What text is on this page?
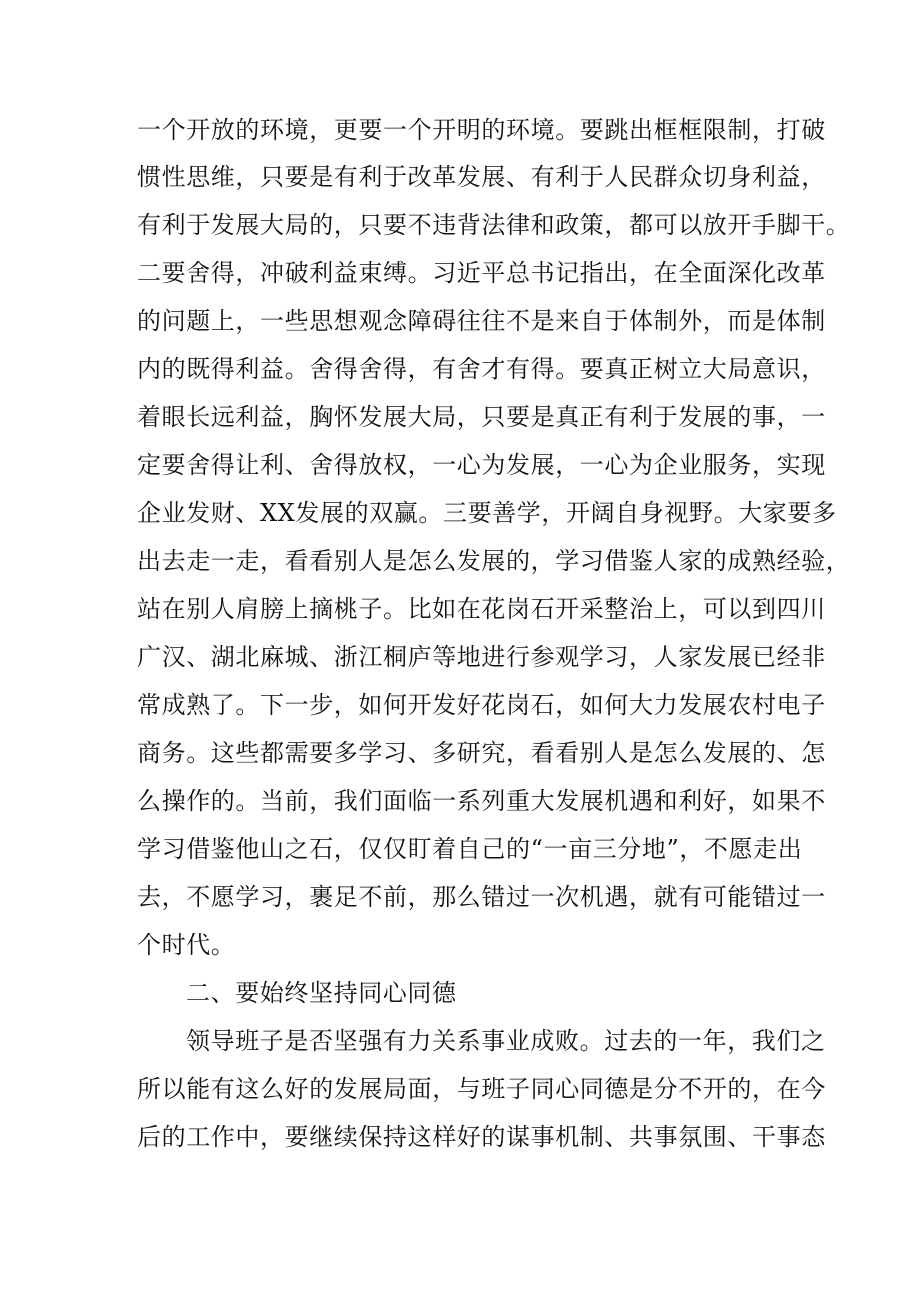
一个开放的环境，更要一个开明的环境。要跳出框框限制，打破
惯性思维，只要是有利于改革发展、有利于人民群众切身利益，
有利于发展大局的，只要不违背法律和政策，都可以放开手脚干。
二要舍得，冲破利益束缚。习近平总书记指出，在全面深化改革
的问题上，一些思想观念障碍往往不是来自于体制外，而是体制
内的既得利益。舍得舍得，有舍才有得。要真正树立大局意识，
着眼长远利益，胸怀发展大局，只要是真正有利于发展的事，一
定要舍得让利、舍得放权，一心为发展，一心为企业服务，实现
企业发财、XX发展的双赢。三要善学，开阔自身视野。大家要多
出去走一走，看看别人是怎么发展的，学习借鉴人家的成熟经验，
站在别人肩膀上摘桃子。比如在花岗石开采整治上，可以到四川
广汉、湖北麻城、浙江桐庐等地进行参观学习，人家发展已经非
常成熟了。下一步，如何开发好花岗石，如何大力发展农村电子
商务。这些都需要多学习、多研究，看看别人是怎么发展的、怎
么操作的。当前，我们面临一系列重大发展机遇和利好，如果不
学习借鉴他山之石，仅仅盯着自己的“一亩三分地”，不愿走出
去，不愿学习，裹足不前，那么错过一次机遇，就有可能错过一
个时代。
二、要始终坚持同心同德
领导班子是否坚强有力关系事业成败。过去的一年，我们之
所以能有这么好的发展局面，与班子同心同德是分不开的，在今
后的工作中，要继续保持这样好的谋事机制、共事氛围、干事态
